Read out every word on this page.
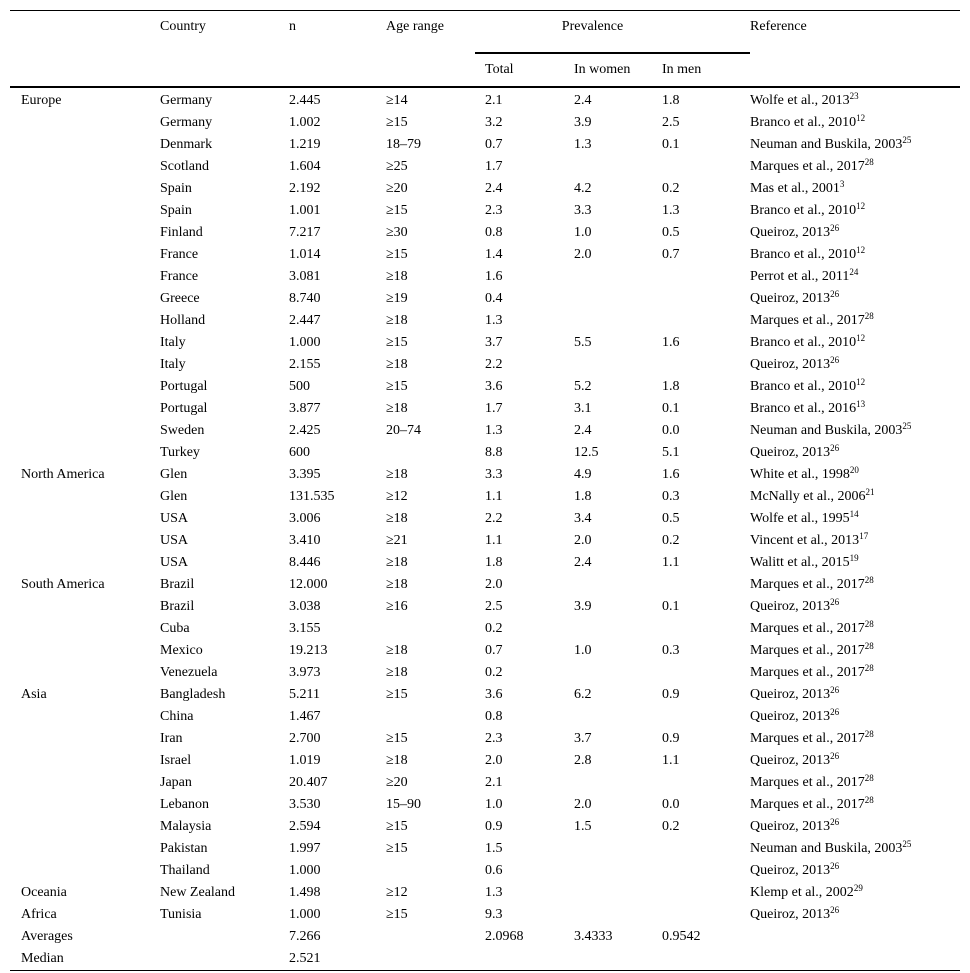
	Country	n	Age range	Prevalence			Reference
				Total	In women	In men	
Europe	Germany	2.445	≥14	2.1	2.4	1.8	Wolfe et al., 2013$^{23}$
	Germany	1.002	≥15	3.2	3.9	2.5	Branco et al., 2010$^{12}$
	Denmark	1.219	18–79	0.7	1.3	0.1	Neuman and Buskila, 2003$^{25}$
	Scotland	1.604	≥25	1.7			Marques et al., 2017$^{28}$
	Spain	2.192	≥20	2.4	4.2	0.2	Mas et al., 2001$^3$
	Spain	1.001	≥15	2.3	3.3	1.3	Branco et al., 2010$^{12}$
	Finland	7.217	≥30	0.8	1.0	0.5	Queiroz, 2013$^{26}$
	France	1.014	≥15	1.4	2.0	0.7	Branco et al., 2010$^{12}$
	France	3.081	≥18	1.6			Perrot et al., 2011$^{24}$
	Greece	8.740	≥19	0.4			Queiroz, 2013$^{26}$
	Holland	2.447	≥18	1.3			Marques et al., 2017$^{28}$
	Italy	1.000	≥15	3.7	5.5	1.6	Branco et al., 2010$^{12}$
	Italy	2.155	≥18	2.2			Queiroz, 2013$^{26}$
	Portugal	500	≥15	3.6	5.2	1.8	Branco et al., 2010$^{12}$
	Portugal	3.877	≥18	1.7	3.1	0.1	Branco et al., 2016$^{13}$
	Sweden	2.425	20–74	1.3	2.4	0.0	Neuman and Buskila, 2003$^{25}$
	Turkey	600		8.8	12.5	5.1	Queiroz, 2013$^{26}$
North America	Glen	3.395	≥18	3.3	4.9	1.6	White et al., 1998$^{20}$
	Glen	131.535	≥12	1.1	1.8	0.3	McNally et al., 2006$^{21}$
	USA	3.006	≥18	2.2	3.4	0.5	Wolfe et al., 1995$^{14}$
	USA	3.410	≥21	1.1	2.0	0.2	Vincent et al., 2013$^{17}$
	USA	8.446	≥18	1.8	2.4	1.1	Walitt et al., 2015$^{19}$
South America	Brazil	12.000	≥18	2.0			Marques et al., 2017$^{28}$
	Brazil	3.038	≥16	2.5	3.9	0.1	Queiroz, 2013$^{26}$
	Cuba	3.155		0.2			Marques et al., 2017$^{28}$
	Mexico	19.213	≥18	0.7	1.0	0.3	Marques et al., 2017$^{28}$
	Venezuela	3.973	≥18	0.2			Marques et al., 2017$^{28}$
Asia	Bangladesh	5.211	≥15	3.6	6.2	0.9	Queiroz, 2013$^{26}$
	China	1.467		0.8			Queiroz, 2013$^{26}$
	Iran	2.700	≥15	2.3	3.7	0.9	Marques et al., 2017$^{28}$
	Israel	1.019	≥18	2.0	2.8	1.1	Queiroz, 2013$^{26}$
	Japan	20.407	≥20	2.1			Marques et al., 2017$^{28}$
	Lebanon	3.530	15–90	1.0	2.0	0.0	Marques et al., 2017$^{28}$
	Malaysia	2.594	≥15	0.9	1.5	0.2	Queiroz, 2013$^{26}$
	Pakistan	1.997	≥15	1.5			Neuman and Buskila, 2003$^{25}$
	Thailand	1.000		0.6			Queiroz, 2013$^{26}$
Oceania	New Zealand	1.498	≥12	1.3			Klemp et al., 2002$^{29}$
Africa	Tunisia	1.000	≥15	9.3			Queiroz, 2013$^{26}$
Averages		7.266		2.0968	3.4333	0.9542	
Median		2.521					
